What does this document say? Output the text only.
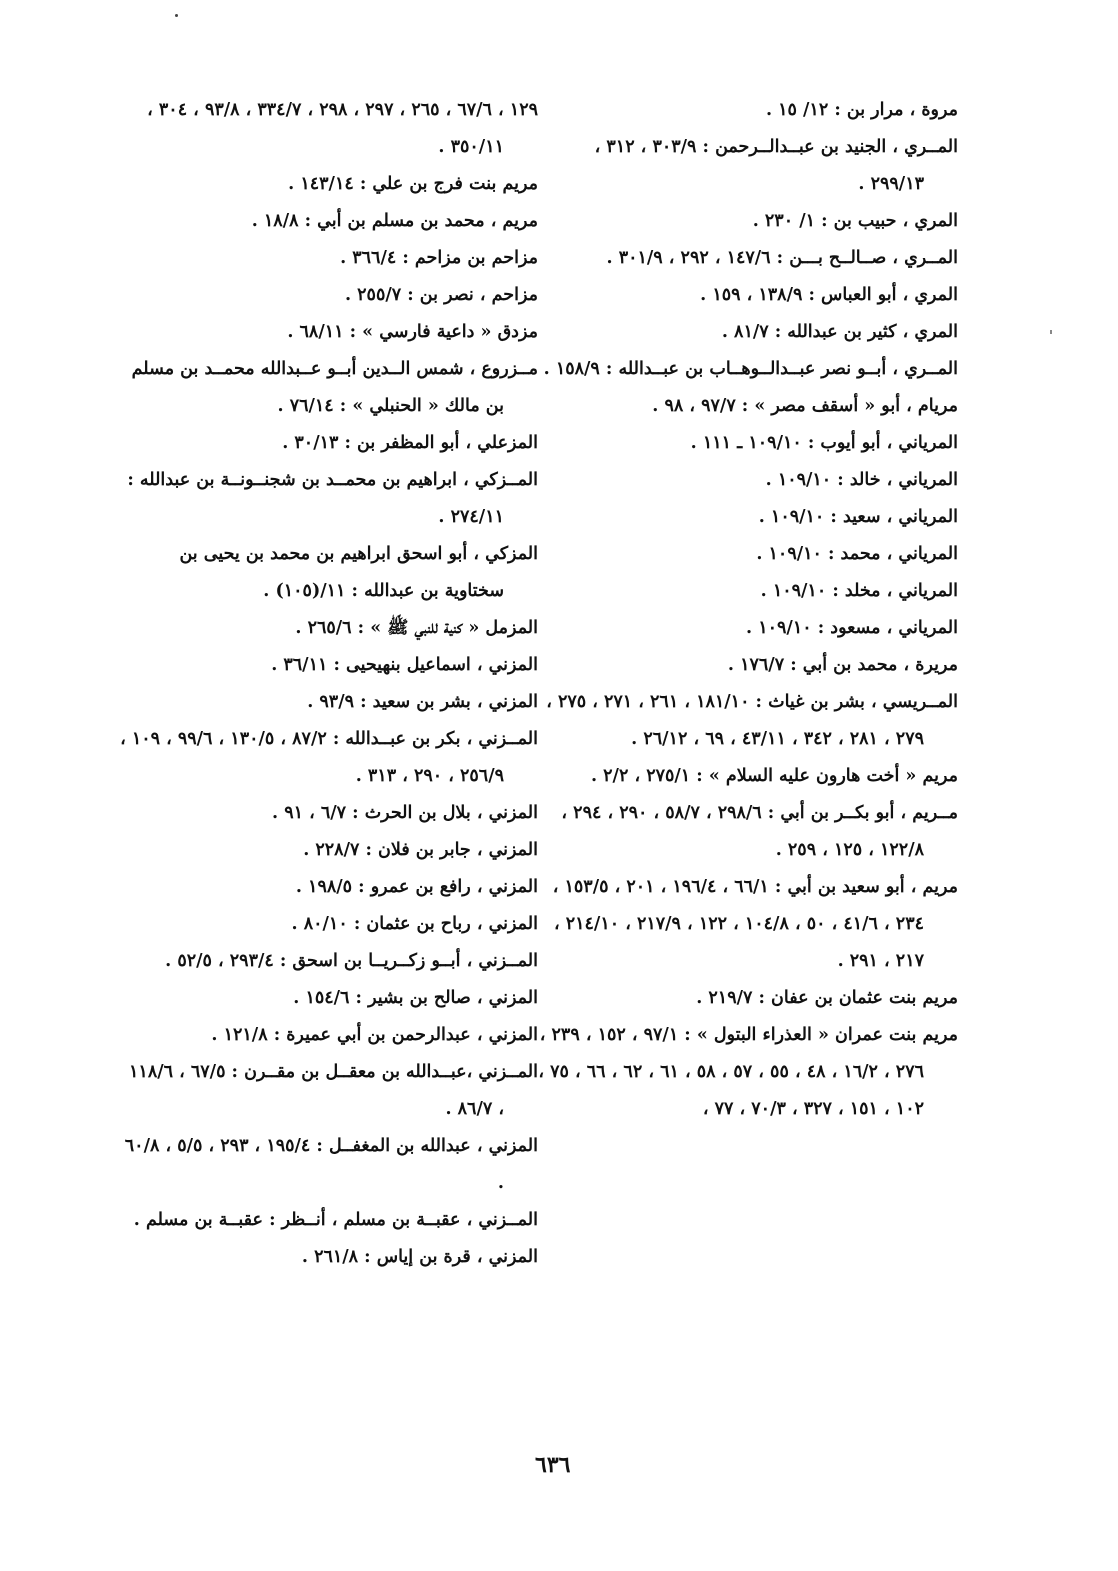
مروة ، مرار بن : ١٢/ ١٥ .

المــري ، الجنيد بن عبــدالــرحمن : ٣٠٣/٩ ، ٣١٢ ، ٢٩٩/١٣ .

المري ، حبيب بن : ١/ ٢٣٠ .

المــري ، صــالــح بـــن : ١٤٧/٦ ، ٢٩٢ ، ٣٠١/٩ .

المري ، أبو العباس : ١٣٨/٩ ، ١٥٩ .

المري ، كثير بن عبدالله : ٨١/٧ .

المــري ، أبــو نصر عبــدالــوهــاب بن عبــدالله : ١٥٨/٩ .

مريام ، أبو « أسقف مصر » : ٩٧/٧ ، ٩٨ .

المرياني ، أبو أيوب : ١٠٩/١٠ ـ ١١١ .

المرياني ، خالد : ١٠٩/١٠ .

المرياني ، سعيد : ١٠٩/١٠ .

المرياني ، محمد : ١٠٩/١٠ .

المرياني ، مخلد : ١٠٩/١٠ .

المرياني ، مسعود : ١٠٩/١٠ .

مريرة ، محمد بن أبي : ١٧٦/٧ .

المــريسي ، بشر بن غياث : ١٨١/١٠ ، ٢٦١ ، ٢٧١ ، ٢٧٥ ، ٢٧٩ ، ٢٨١ ، ٣٤٢ ، ٤٣/١١ ، ٦٩ ، ٢٦/١٢ .

مريم « أخت هارون عليه السلام » : ٢٧٥/١ ، ٢/٢ .

مــريم ، أبو بكــر بن أبي : ٢٩٨/٦ ، ٥٨/٧ ، ٢٩٠ ، ٢٩٤ ، ١٢٢/٨ ، ١٢٥ ، ٢٥٩ .

مريم ، أبو سعيد بن أبي : ٦٦/١ ، ١٩٦/٤ ، ٢٠١ ، ١٥٣/٥ ، ٢٣٤ ، ٤١/٦ ، ٥٠ ، ١٠٤/٨ ، ١٢٢ ، ٢١٧/٩ ، ٢١٤/١٠ ، ٢١٧ ، ٢٩١ .

مريم بنت عثمان بن عفان : ٢١٩/٧ .

مريم بنت عمران « العذراء البتول » : ٩٧/١ ، ١٥٢ ، ٢٣٩ ، ٢٧٦ ، ١٦/٢ ، ٤٨ ، ٥٥ ، ٥٧ ، ٥٨ ، ٦١ ، ٦٢ ، ٦٦ ، ٧٥ ، ١٠٢ ، ١٥١ ، ٣٢٧ ، ٧٠/٣ ، ٧٧ ،

١٢٩ ، ٦٧/٦ ، ٢٦٥ ، ٢٩٧ ، ٢٩٨ ، ٣٣٤/٧ ، ٩٣/٨ ، ٣٠٤ ، ٣٥٠/١١ .

مريم بنت فرج بن علي : ١٤٣/١٤ .

مريم ، محمد بن مسلم بن أبي : ١٨/٨ .

مزاحم بن مزاحم : ٣٦٦/٤ .

مزاحم ، نصر بن : ٢٥٥/٧ .

مزدق « داعية فارسي » : ٦٨/١١ .

مــزروع ، شمس الــدين أبــو عــبدالله محمــد بن مسلم بن مالك « الحنبلي » : ٧٦/١٤ .

المزعلي ، أبو المظفر بن : ٣٠/١٣ .

المــزكي ، ابراهيم بن محمــد بن شجنــونــة بن عبدالله : ٢٧٤/١١ .

المزكي ، أبو اسحق ابراهيم بن محمد بن يحيى بن سختاوية بن عبدالله : ١١/(١٠٥) .

المزمل « كنية للنبي ﷺ » : ٢٦٥/٦ .

المزني ، اسماعيل بنهيحيى : ٣٦/١١ .

المزني ، بشر بن سعيد : ٩٣/٩ .

المــزني ، بكر بن عبــدالله : ٨٧/٢ ، ١٣٠/٥ ، ٩٩/٦ ، ١٠٩ ، ٢٥٦/٩ ، ٢٩٠ ، ٣١٣ .

المزني ، بلال بن الحرث : ٦/٧ ، ٩١ .

المزني ، جابر بن فلان : ٢٢٨/٧ .

المزني ، رافع بن عمرو : ١٩٨/٥ .

المزني ، رباح بن عثمان : ٨٠/١٠ .

المــزني ، أبــو زكــريــا بن اسحق : ٢٩٣/٤ ، ٥٢/٥ .

المزني ، صالح بن بشير : ١٥٤/٦ .

المزني ، عبدالرحمن بن أبي عميرة : ١٢١/٨ .

المــزني ،عبــدالله بن معقــل بن مقــرن : ٦٧/٥ ، ١١٨/٦ ، ٨٦/٧ .

المزني ، عبدالله بن المغفــل : ١٩٥/٤ ، ٢٩٣ ، ٥/٥ ، ٦٠/٨ .

المــزني ، عقبــة بن مسلم ، أنــظر : عقبــة بن مسلم .

المزني ، قرة بن إياس : ٢٦١/٨ .

٦٣٦
